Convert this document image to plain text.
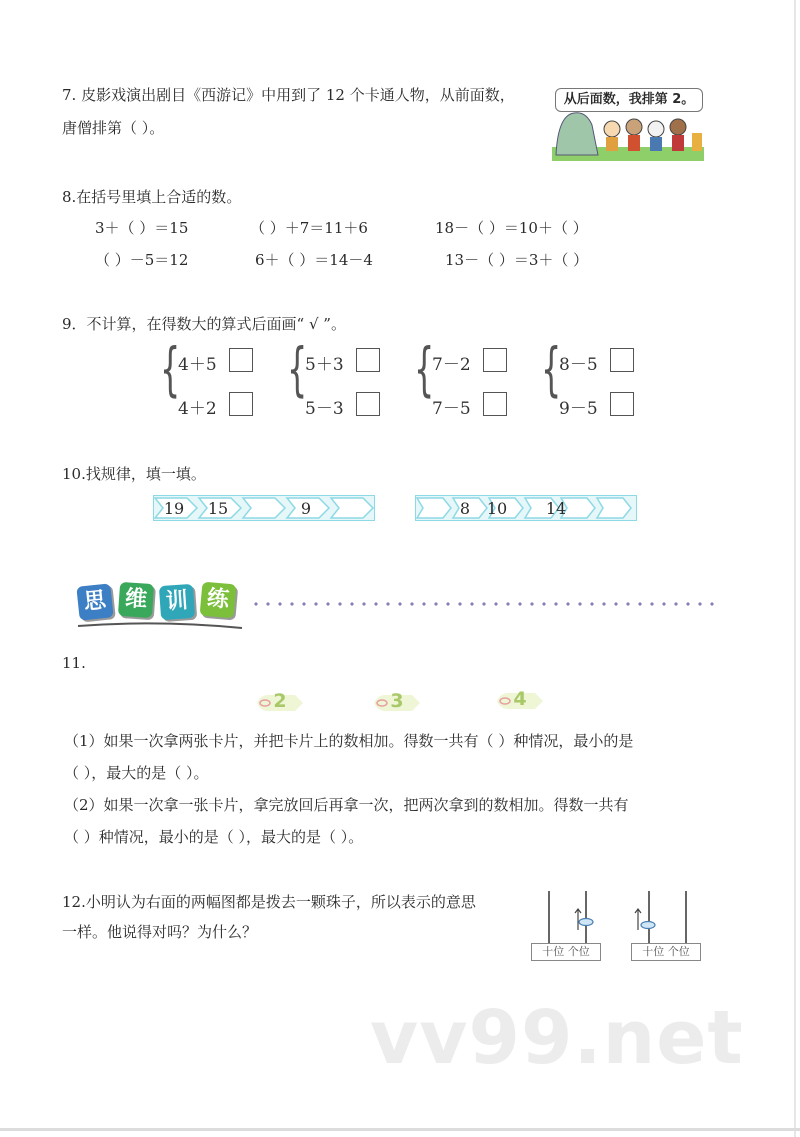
7. 皮影戏演出剧目《西游记》中用到了 12 个卡通人物，从前面数，
唐僧排第（ ）。
从后面数，我排第 2。
8.在括号里填上合适的数。
3＋（ ）＝15	（ ）＋7＝11＋6	18－（ ）＝10＋（ ）
（ ）－5＝12	6＋（ ）＝14－4	13－（ ）＝3＋（ ）
9．不计算，在得数大的算式后面画“ √ ”。
{
4＋5
4＋2
{
5＋3
5－3
{
7－2
7－5
{
8－5
9－5
10.找规律，填一填。
19 15	9	8	10 14
思 维 训 练
11.
2	3	4
（1）如果一次拿两张卡片，并把卡片上的数相加。得数一共有（ ）种情况，最小的是
（ ），最大的是（ ）。
（2）如果一次拿一张卡片，拿完放回后再拿一次，把两次拿到的数相加。得数一共有
（ ）种情况，最小的是（ ），最大的是（ ）。
12.小明认为右面的两幅图都是拨去一颗珠子，所以表示的意思
一样。他说得对吗？为什么？
十位 个位	十位 个位
vv99.net
